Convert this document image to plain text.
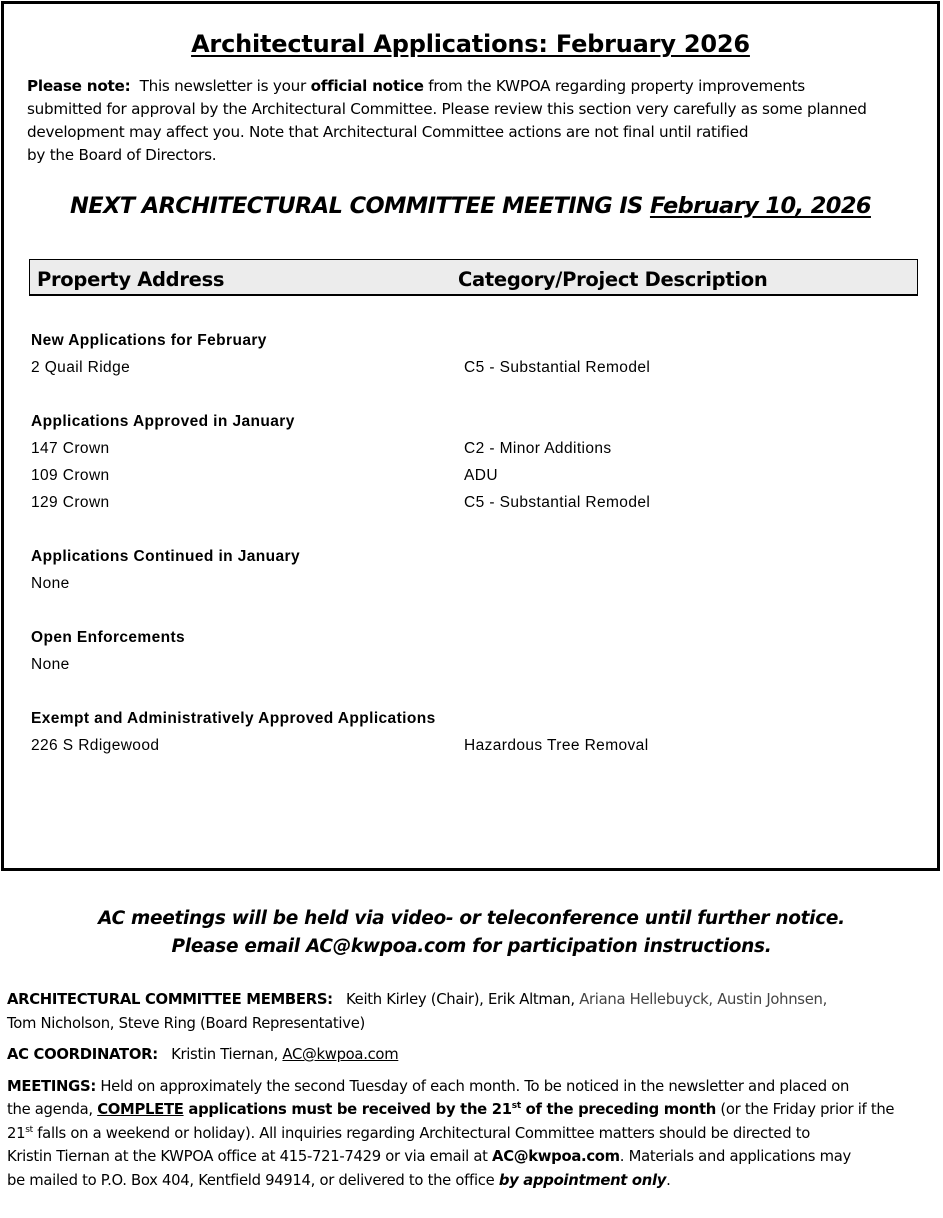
Architectural Applications: February 2026
Please note: This newsletter is your official notice from the KWPOA regarding property improvements
submitted for approval by the Architectural Committee. Please review this section very carefully as some planned
development may affect you. Note that Architectural Committee actions are not final until ratified
by the Board of Directors.
NEXT ARCHITECTURAL COMMITTEE MEETING IS February 10, 2026
Property Address	Category/Project Description
New Applications for February
2 Quail Ridge	C5 - Substantial Remodel
Applications Approved in January
147 Crown	C2 - Minor Additions
109 Crown	ADU
129 Crown	C5 - Substantial Remodel
Applications Continued in January
None
Open Enforcements
None
Exempt and Administratively Approved Applications
226 S Rdigewood	Hazardous Tree Removal
AC meetings will be held via video- or teleconference until further notice.
Please email AC@kwpoa.com for participation instructions.

ARCHITECTURAL COMMITTEE MEMBERS: Keith Kirley (Chair), Erik Altman, Ariana Hellebuyck, Austin Johnsen,
Tom Nicholson, Steve Ring (Board Representative)

AC COORDINATOR: Kristin Tiernan, AC@kwpoa.com

MEETINGS: Held on approximately the second Tuesday of each month. To be noticed in the newsletter and placed on
the agenda, COMPLETE applications must be received by the 21st of the preceding month (or the Friday prior if the
21st falls on a weekend or holiday). All inquiries regarding Architectural Committee matters should be directed to
Kristin Tiernan at the KWPOA office at 415-721-7429 or via email at AC@kwpoa.com. Materials and applications may
be mailed to P.O. Box 404, Kentfield 94914, or delivered to the office by appointment only.
